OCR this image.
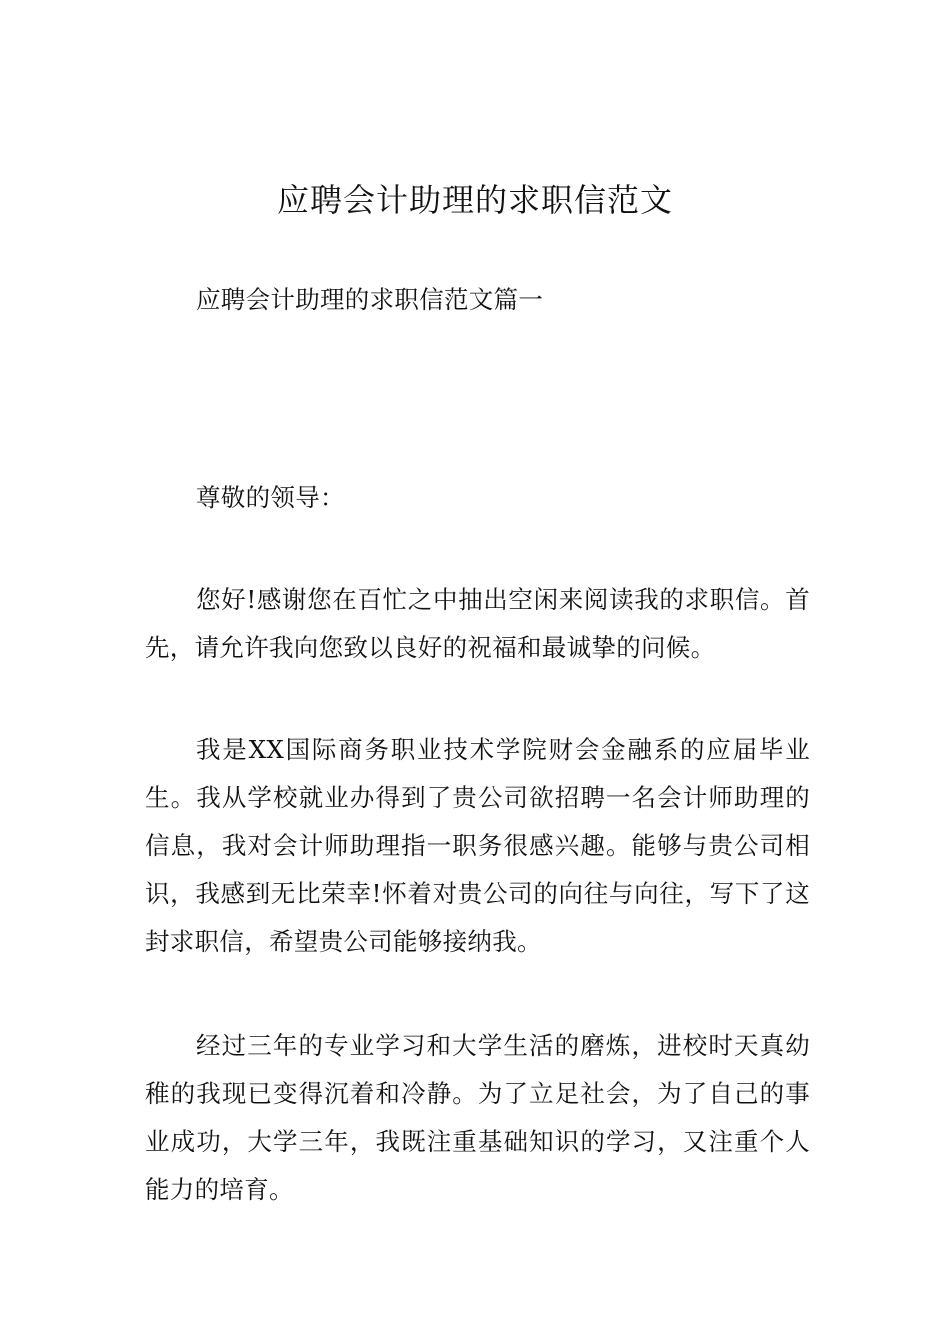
应聘会计助理的求职信范文

应聘会计助理的求职信范文篇一

尊敬的领导：

您好!感谢您在百忙之中抽出空闲来阅读我的求职信。首先，请允许我向您致以良好的祝福和最诚挚的问候。

我是XX国际商务职业技术学院财会金融系的应届毕业生。我从学校就业办得到了贵公司欲招聘一名会计师助理的信息，我对会计师助理指一职务很感兴趣。能够与贵公司相识，我感到无比荣幸!怀着对贵公司的向往与向往，写下了这封求职信，希望贵公司能够接纳我。

经过三年的专业学习和大学生活的磨炼，进校时天真幼稚的我现已变得沉着和冷静。为了立足社会，为了自己的事业成功，大学三年，我既注重基础知识的学习，又注重个人能力的培育。
